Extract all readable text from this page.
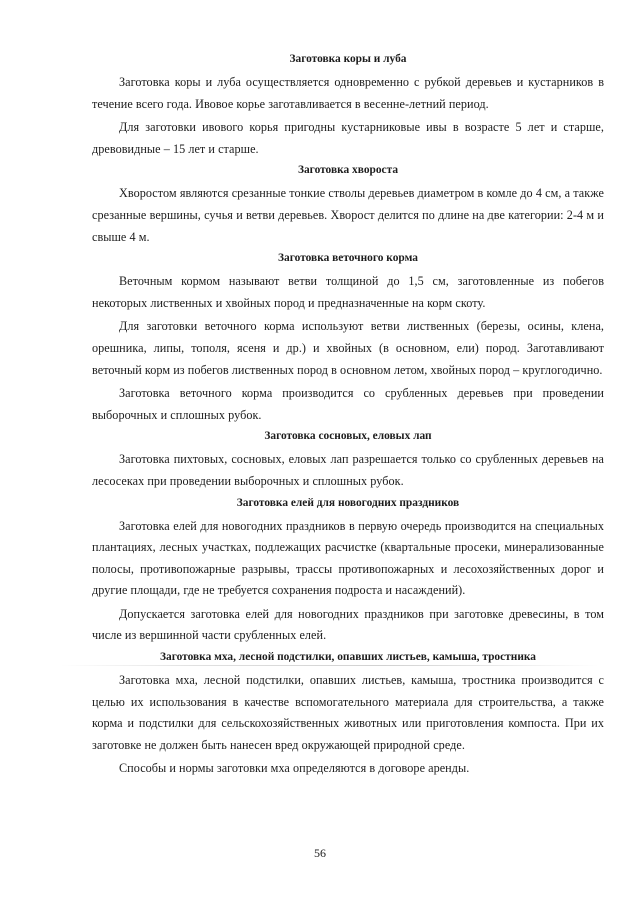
Заготовка коры и луба

Заготовка коры и луба осуществляется одновременно с рубкой деревьев и кустарников в течение всего года. Ивовое корье заготавливается в весенне-летний период.

Для заготовки ивового корья пригодны кустарниковые ивы в возрасте 5 лет и старше, древовидные – 15 лет и старше.

Заготовка хвороста

Хворостом являются срезанные тонкие стволы деревьев диаметром в комле до 4 см, а также срезанные вершины, сучья и ветви деревьев. Хворост делится по длине на две категории: 2-4 м и свыше 4 м.

Заготовка веточного корма

Веточным кормом называют ветви толщиной до 1,5 см, заготовленные из побегов некоторых лиственных и хвойных пород и предназначенные на корм скоту.

Для заготовки веточного корма используют ветви лиственных (березы, осины, клена, орешника, липы, тополя, ясеня и др.) и хвойных (в основном, ели) пород. Заготавливают веточный корм из побегов лиственных пород в основном летом, хвойных пород – круглогодично.

Заготовка веточного корма производится со срубленных деревьев при проведении выборочных и сплошных рубок.

Заготовка сосновых, еловых лап

Заготовка пихтовых, сосновых, еловых лап разрешается только со срубленных деревьев на лесосеках при проведении выборочных и сплошных рубок.

Заготовка елей для новогодних праздников

Заготовка елей для новогодних праздников в первую очередь производится на специальных плантациях, лесных участках, подлежащих расчистке (квартальные просеки, минерализованные полосы, противопожарные разрывы, трассы противопожарных и лесохозяйственных дорог и другие площади, где не требуется сохранения подроста и насаждений).

Допускается заготовка елей для новогодних праздников при заготовке древесины, в том числе из вершинной части срубленных елей.

Заготовка мха, лесной подстилки, опавших листьев, камыша, тростника

Заготовка мха, лесной подстилки, опавших листьев, камыша, тростника производится с целью их использования в качестве вспомогательного материала для строительства, а также корма и подстилки для сельскохозяйственных животных или приготовления компоста. При их заготовке не должен быть нанесен вред окружающей природной среде.

Способы и нормы заготовки мха определяются в договоре аренды.

56
